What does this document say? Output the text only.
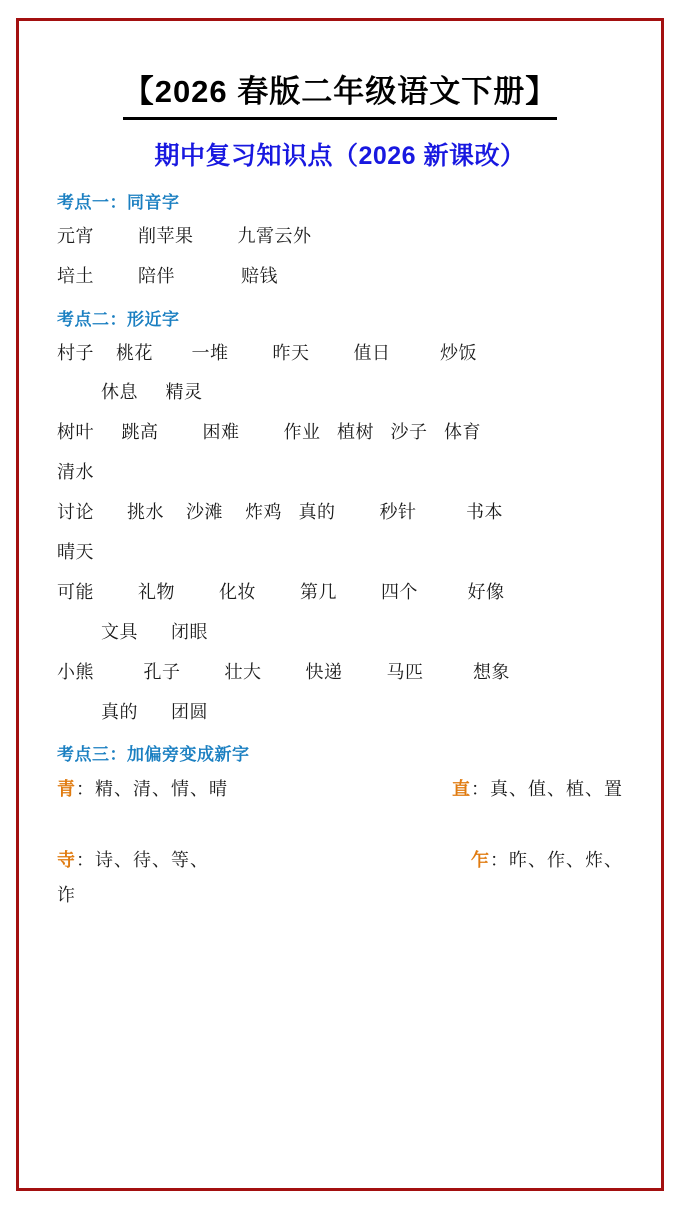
【2026 春版二年级语文下册】
期中复习知识点（2026 新课改）
考点一：同音字
元宵        削苹果        九霄云外
培土        陪伴            赔钱
考点二：形近字
村子    桃花       一堆        昨天        值日         炒饭
休息     精灵
树叶     跳高        困难        作业   植树   沙子   体育
清水
讨论      挑水    沙滩    炸鸡   真的        秒针         书本
晴天
可能        礼物        化妆        第几        四个         好像
文具      闭眼
小熊         孔子        壮大        快递        马匹         想象
真的      团圆
考点三：加偏旁变成新字
青：精、清、情、晴	直：真、值、植、置
寺：诗、待、等、	乍：昨、作、炸、
诈
